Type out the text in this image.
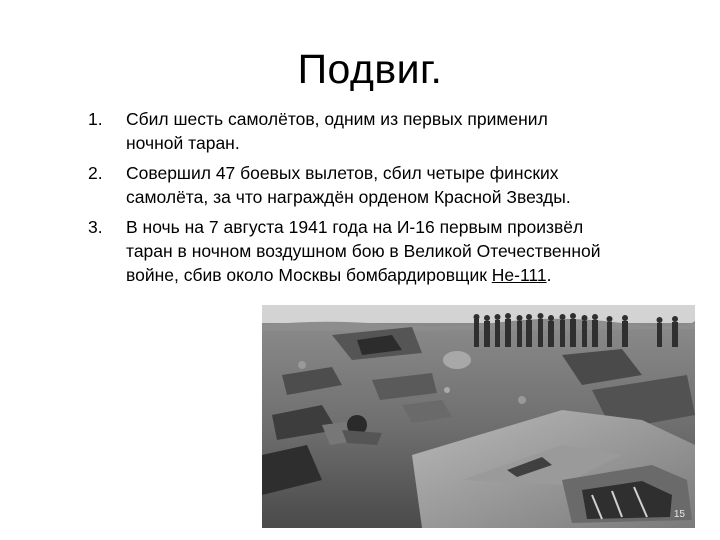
Подвиг.
1. Сбил шесть самолётов, одним из первых применил ночной таран.
2. Совершил 47 боевых вылетов, сбил четыре финских самолёта, за что награждён орденом Красной Звезды.
3. В ночь на 7 августа 1941 года на И-16 первым произвёл таран в ночном воздушном бою в Великой Отечественной войне, сбив около Москвы бомбардировщик Не-111.
15
